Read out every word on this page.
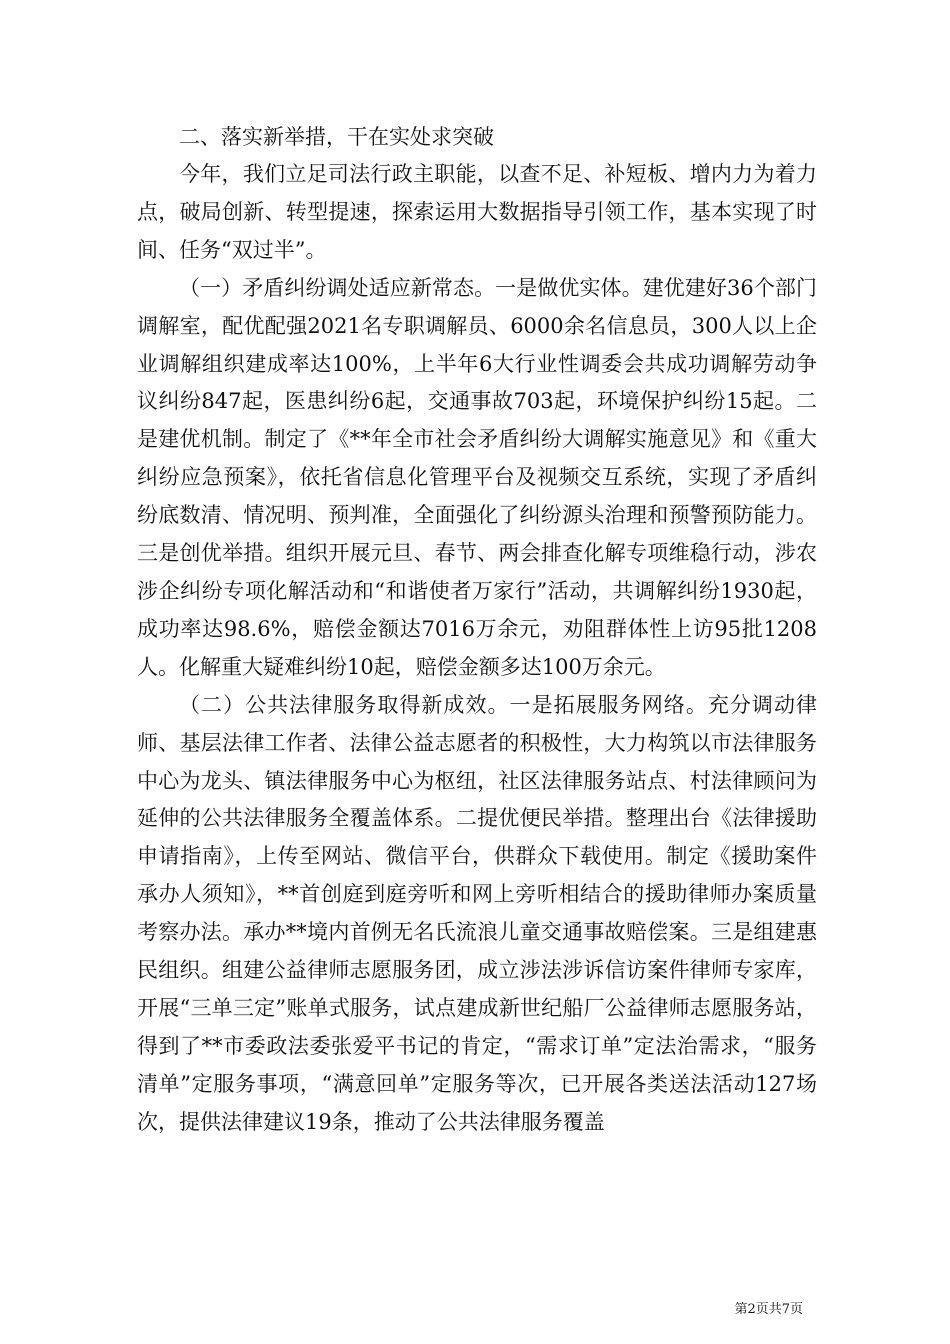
二、落实新举措，干在实处求突破

今年，我们立足司法行政主职能，以查不足、补短板、增内力为着力点，破局创新、转型提速，探索运用大数据指导引领工作，基本实现了时间、任务“双过半”。

（一）矛盾纠纷调处适应新常态。一是做优实体。建优建好36个部门调解室，配优配强2021名专职调解员、6000余名信息员，300人以上企业调解组织建成率达100%，上半年6大行业性调委会共成功调解劳动争议纠纷847起，医患纠纷6起，交通事故703起，环境保护纠纷15起。二是建优机制。制定了《**年全市社会矛盾纠纷大调解实施意见》和《重大纠纷应急预案》，依托省信息化管理平台及视频交互系统，实现了矛盾纠纷底数清、情况明、预判准，全面强化了纠纷源头治理和预警预防能力。三是创优举措。组织开展元旦、春节、两会排查化解专项维稳行动，涉农涉企纠纷专项化解活动和“和谐使者万家行”活动，共调解纠纷1930起，成功率达98.6%，赔偿金额达7016万余元，劝阻群体性上访95批1208人。化解重大疑难纠纷10起，赔偿金额多达100万余元。

（二）公共法律服务取得新成效。一是拓展服务网络。充分调动律师、基层法律工作者、法律公益志愿者的积极性，大力构筑以市法律服务中心为龙头、镇法律服务中心为枢纽，社区法律服务站点、村法律顾问为延伸的公共法律服务全覆盖体系。二提优便民举措。整理出台《法律援助申请指南》，上传至网站、微信平台，供群众下载使用。制定《援助案件承办人须知》，**首创庭到庭旁听和网上旁听相结合的援助律师办案质量考察办法。承办**境内首例无名氏流浪儿童交通事故赔偿案。三是组建惠民组织。组建公益律师志愿服务团，成立涉法涉诉信访案件律师专家库，开展“三单三定”账单式服务，试点建成新世纪船厂公益律师志愿服务站，得到了**市委政法委张爱平书记的肯定，“需求订单”定法治需求，“服务清单”定服务事项，“满意回单”定服务等次，已开展各类送法活动127场次，提供法律建议19条，推动了公共法律服务覆盖

第2页共7页
